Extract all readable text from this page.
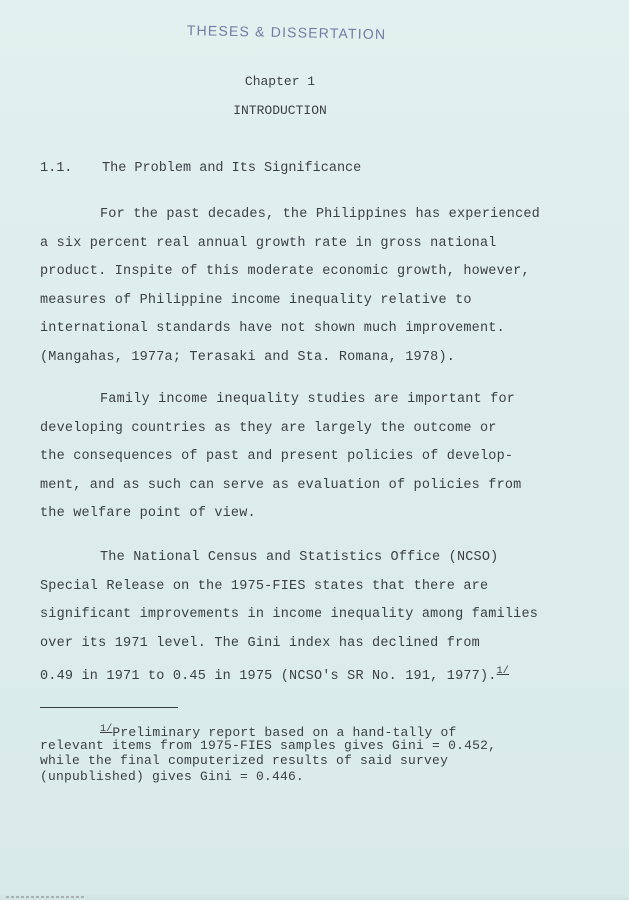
THESES & DISSERTATION
Chapter 1
INTRODUCTION
1.1. The Problem and Its Significance
For the past decades, the Philippines has experienced
a six percent real annual growth rate in gross national
product. Inspite of this moderate economic growth, however,
measures of Philippine income inequality relative to
international standards have not shown much improvement.
(Mangahas, 1977a; Terasaki and Sta. Romana, 1978).
Family income inequality studies are important for
developing countries as they are largely the outcome or
the consequences of past and present policies of develop-
ment, and as such can serve as evaluation of policies from
the welfare point of view.
The National Census and Statistics Office (NCSO)
Special Release on the 1975-FIES states that there are
significant improvements in income inequality among families
over its 1971 level. The Gini index has declined from
0.49 in 1971 to 0.45 in 1975 (NCSO's SR No. 191, 1977).$^{1/}$
$^{1/}$Preliminary report based on a hand-tally of
relevant items from 1975-FIES samples gives Gini = 0.452,
while the final computerized results of said survey
(unpublished) gives Gini = 0.446.
